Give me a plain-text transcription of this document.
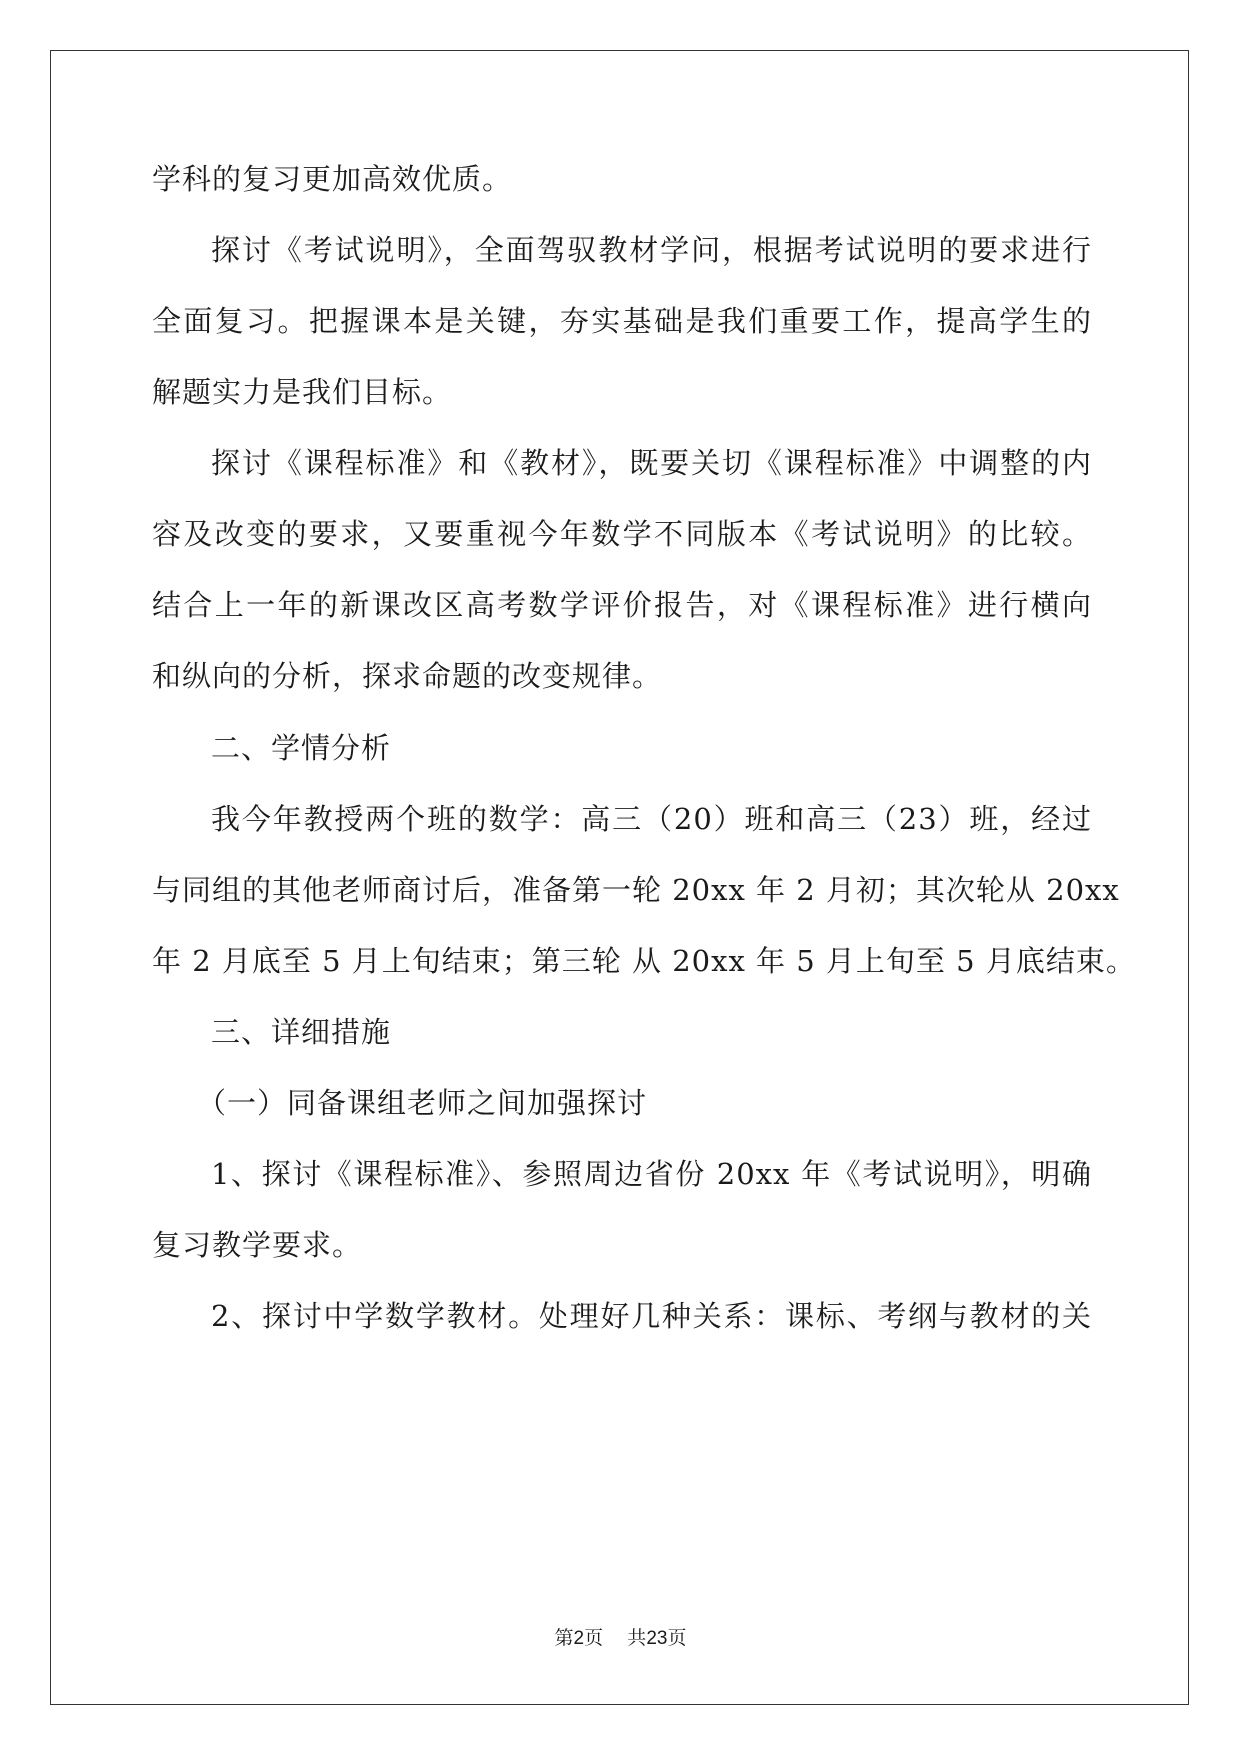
学科的复习更加高效优质。
探讨《考试说明》，全面驾驭教材学问，根据考试说明的要求进行
全面复习。把握课本是关键，夯实基础是我们重要工作，提高学生的
解题实力是我们目标。
探讨《课程标准》和《教材》，既要关切《课程标准》中调整的内
容及改变的要求，又要重视今年数学不同版本《考试说明》的比较。
结合上一年的新课改区高考数学评价报告，对《课程标准》进行横向
和纵向的分析，探求命题的改变规律。
二、学情分析
我今年教授两个班的数学：高三（20）班和高三（23）班，经过
与同组的其他老师商讨后，准备第一轮 20xx 年 2 月初；其次轮从 20xx
年 2 月底至 5 月上旬结束；第三轮 从 20xx 年 5 月上旬至 5 月底结束。
三、详细措施
（一）同备课组老师之间加强探讨
1、探讨《课程标准》、参照周边省份 20xx 年《考试说明》，明确
复习教学要求。
2、探讨中学数学教材。处理好几种关系：课标、考纲与教材的关
第2页 共23页
